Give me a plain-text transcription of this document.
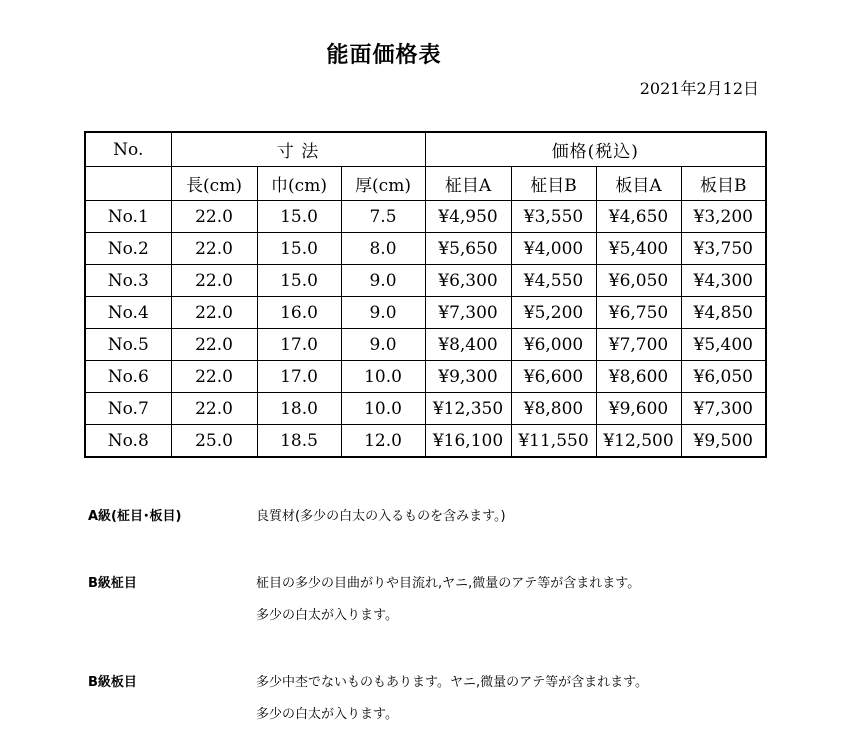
能面価格表
2021年2月12日
No.	寸 法			価格(税込)			
	長(cm)	巾(cm)	厚(cm)	柾目A	柾目B	板目A	板目B
No.1	22.0	15.0	7.5	¥4,950	¥3,550	¥4,650	¥3,200
No.2	22.0	15.0	8.0	¥5,650	¥4,000	¥5,400	¥3,750
No.3	22.0	15.0	9.0	¥6,300	¥4,550	¥6,050	¥4,300
No.4	22.0	16.0	9.0	¥7,300	¥5,200	¥6,750	¥4,850
No.5	22.0	17.0	9.0	¥8,400	¥6,000	¥7,700	¥5,400
No.6	22.0	17.0	10.0	¥9,300	¥6,600	¥8,600	¥6,050
No.7	22.0	18.0	10.0	¥12,350	¥8,800	¥9,600	¥7,300
No.8	25.0	18.5	12.0	¥16,100	¥11,550	¥12,500	¥9,500
A級(柾目･板目)	良質材(多少の白太の入るものを含みます。)
B級柾目	柾目の多少の目曲がりや目流れ,ヤニ,微量のアテ等が含まれます。
多少の白太が入ります。
B級板目	多少中杢でないものもあります。ヤニ,微量のアテ等が含まれます。
多少の白太が入ります。
